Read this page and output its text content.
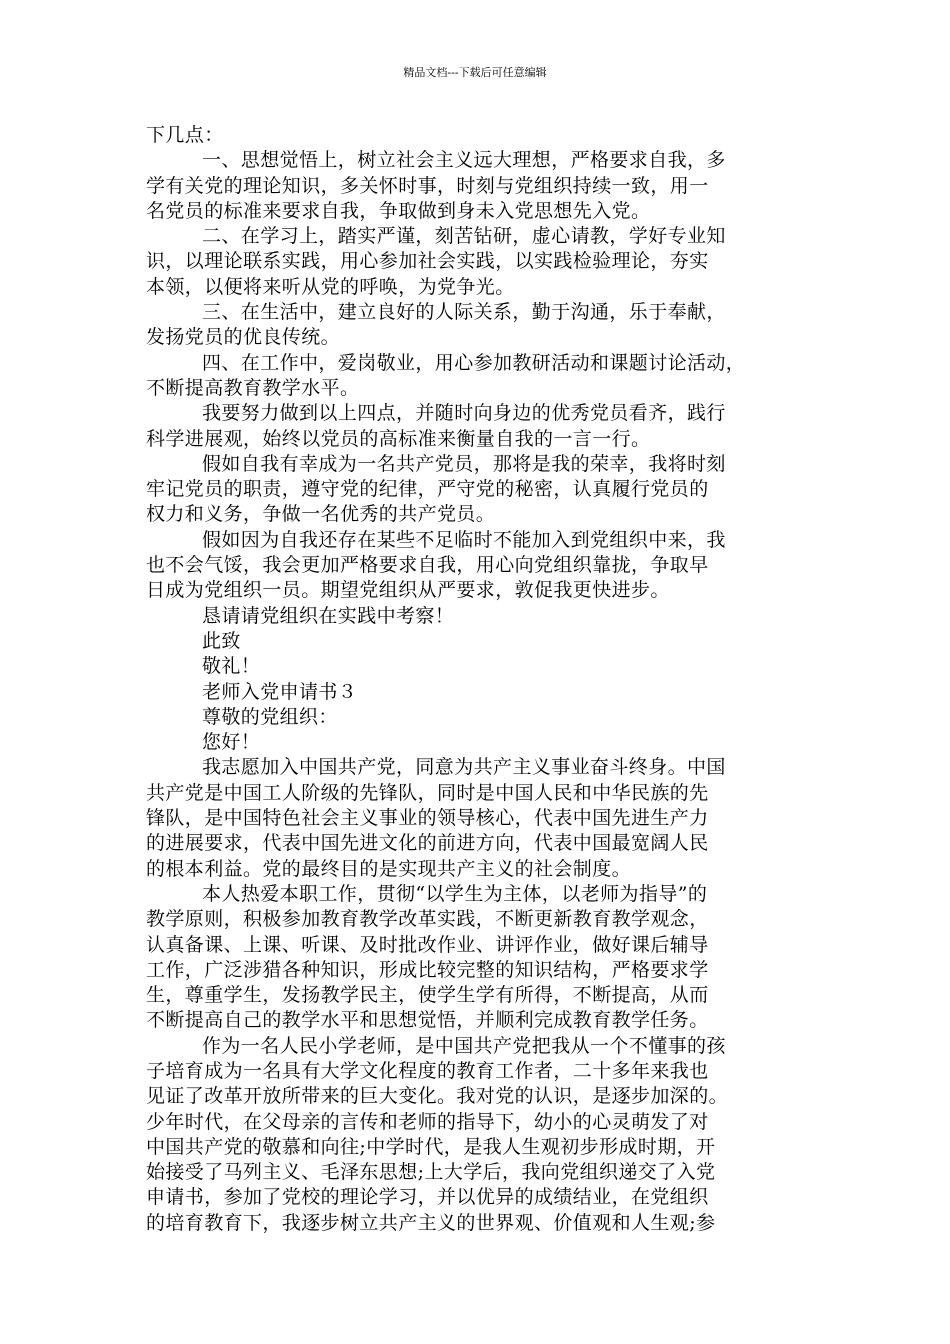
精品文档---下载后可任意编辑
下几点：
一、思想觉悟上，树立社会主义远大理想，严格要求自我，多
学有关党的理论知识，多关怀时事，时刻与党组织持续一致，用一
名党员的标准来要求自我，争取做到身未入党思想先入党。
二、在学习上，踏实严谨，刻苦钻研，虚心请教，学好专业知
识，以理论联系实践，用心参加社会实践，以实践检验理论，夯实
本领，以便将来听从党的呼唤，为党争光。
三、在生活中，建立良好的人际关系，勤于沟通，乐于奉献，
发扬党员的优良传统。
四、在工作中，爱岗敬业，用心参加教研活动和课题讨论活动，
不断提高教育教学水平。
我要努力做到以上四点，并随时向身边的优秀党员看齐，践行
科学进展观，始终以党员的高标准来衡量自我的一言一行。
假如自我有幸成为一名共产党员，那将是我的荣幸，我将时刻
牢记党员的职责，遵守党的纪律，严守党的秘密，认真履行党员的
权力和义务，争做一名优秀的共产党员。
假如因为自我还存在某些不足临时不能加入到党组织中来，我
也不会气馁，我会更加严格要求自我，用心向党组织靠拢，争取早
日成为党组织一员。期望党组织从严要求，敦促我更快进步。
恳请请党组织在实践中考察！
此致
敬礼！
老师入党申请书３
尊敬的党组织：
您好！
我志愿加入中国共产党，同意为共产主义事业奋斗终身。中国
共产党是中国工人阶级的先锋队，同时是中国人民和中华民族的先
锋队，是中国特色社会主义事业的领导核心，代表中国先进生产力
的进展要求，代表中国先进文化的前进方向，代表中国最宽阔人民
的根本利益。党的最终目的是实现共产主义的社会制度。
本人热爱本职工作，贯彻“以学生为主体，以老师为指导”的
教学原则，积极参加教育教学改革实践，不断更新教育教学观念，
认真备课、上课、听课、及时批改作业、讲评作业，做好课后辅导
工作，广泛涉猎各种知识，形成比较完整的知识结构，严格要求学
生，尊重学生，发扬教学民主，使学生学有所得，不断提高，从而
不断提高自己的教学水平和思想觉悟，并顺利完成教育教学任务。
作为一名人民小学老师，是中国共产党把我从一个不懂事的孩
子培育成为一名具有大学文化程度的教育工作者，二十多年来我也
见证了改革开放所带来的巨大变化。我对党的认识，是逐步加深的。
少年时代，在父母亲的言传和老师的指导下，幼小的心灵萌发了对
中国共产党的敬慕和向往;中学时代，是我人生观初步形成时期，开
始接受了马列主义、毛泽东思想;上大学后，我向党组织递交了入党
申请书，参加了党校的理论学习，并以优异的成绩结业，在党组织
的培育教育下，我逐步树立共产主义的世界观、价值观和人生观;参
